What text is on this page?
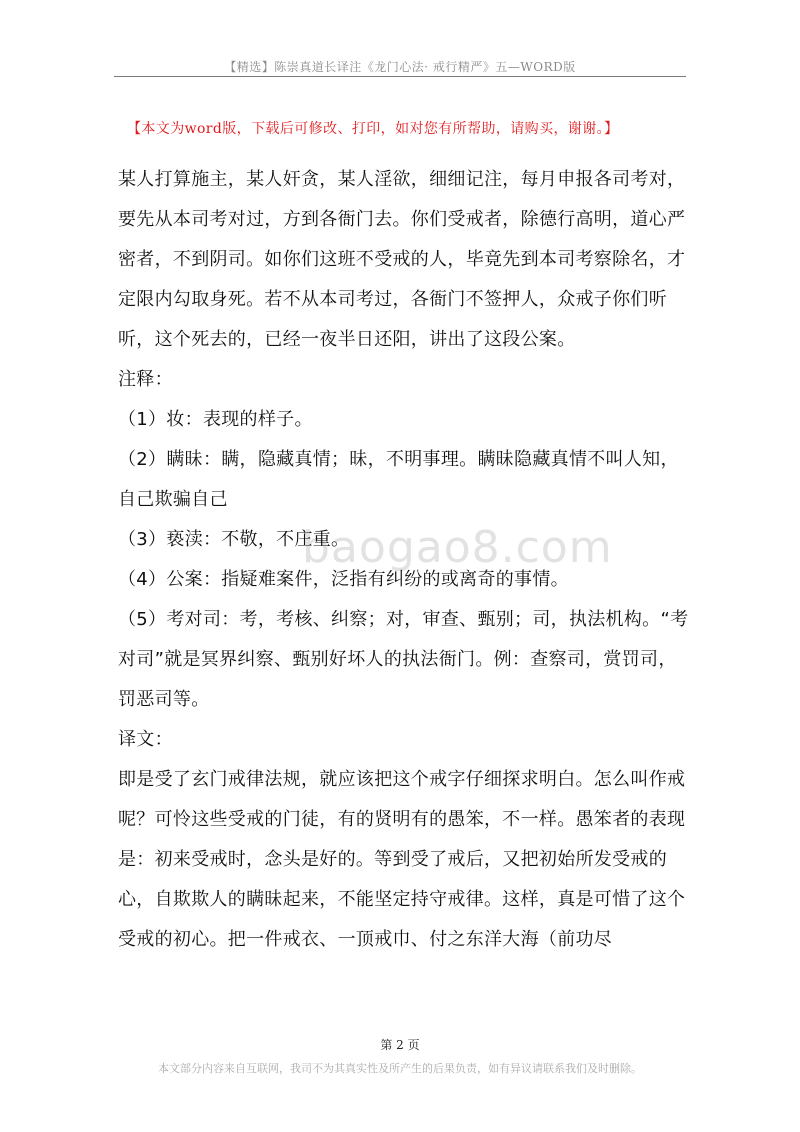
【精选】陈崇真道长译注《龙门心法· 戒行精严》五—WORD版
【本文为word版，下载后可修改、打印，如对您有所帮助，请购买，谢谢。】
baogao8.com

某人打算施主，某人奸贪，某人淫欲，细细记注，每月申报各司考对，要先从本司考对过，方到各衙门去。你们受戒者，除德行高明，道心严密者，不到阴司。如你们这班不受戒的人，毕竟先到本司考察除名，才定限内勾取身死。若不从本司考过，各衙门不签押人，众戒子你们听听，这个死去的，已经一夜半日还阳，讲出了这段公案。

注释：

（1）妆：表现的样子。

（2）瞒昧：瞒，隐藏真情；昧，不明事理。瞒昧隐藏真情不叫人知，自己欺骗自己

（3）亵渎：不敬，不庄重。

（4）公案：指疑难案件，泛指有纠纷的或离奇的事情。

（5）考对司：考，考核、纠察；对，审查、甄别；司，执法机构。“考对司”就是冥界纠察、甄别好坏人的执法衙门。例：查察司，赏罚司，罚恶司等。

译文：

即是受了玄门戒律法规，就应该把这个戒字仔细探求明白。怎么叫作戒呢？可怜这些受戒的门徒，有的贤明有的愚笨，不一样。愚笨者的表现是：初来受戒时，念头是好的。等到受了戒后，又把初始所发受戒的心，自欺欺人的瞒昧起来，不能坚定持守戒律。这样，真是可惜了这个受戒的初心。把一件戒衣、一顶戒巾、付之东洋大海（前功尽

第 2 页
本文部分内容来自互联网，我司不为其真实性及所产生的后果负责，如有异议请联系我们及时删除。
